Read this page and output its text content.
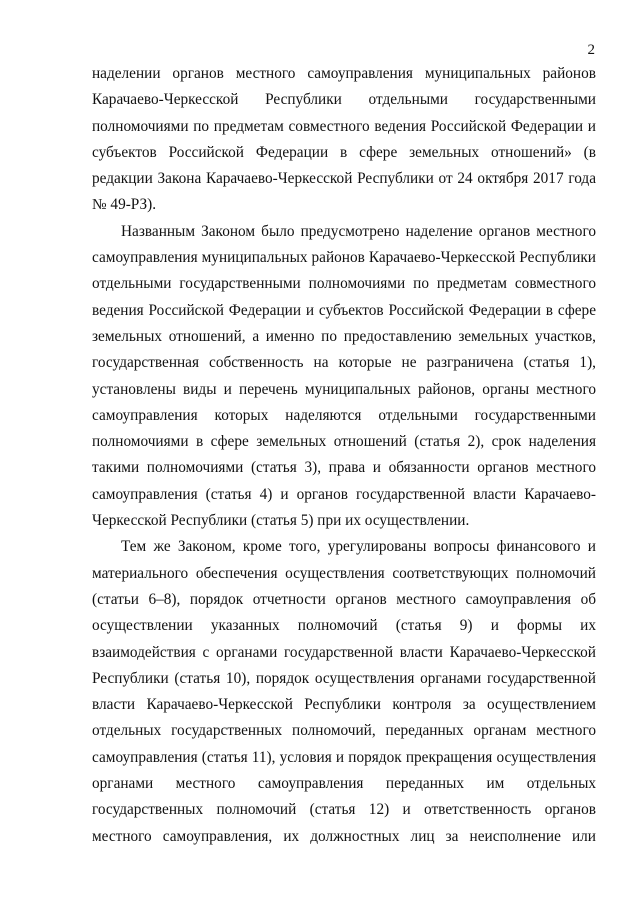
2

наделении органов местного самоуправления муниципальных районов
Карачаево-Черкесской Республики отдельными государственными
полномочиями по предметам совместного ведения Российской Федерации и
субъектов Российской Федерации в сфере земельных отношений» (в
редакции Закона Карачаево-Черкесской Республики от 24 октября 2017 года
№ 49-РЗ).

Названным Законом было предусмотрено наделение органов местного
самоуправления муниципальных районов Карачаево-Черкесской Республики
отдельными государственными полномочиями по предметам совместного
ведения Российской Федерации и субъектов Российской Федерации в сфере
земельных отношений, а именно по предоставлению земельных участков,
государственная собственность на которые не разграничена (статья 1),
установлены виды и перечень муниципальных районов, органы местного
самоуправления которых наделяются отдельными государственными
полномочиями в сфере земельных отношений (статья 2), срок наделения
такими полномочиями (статья 3), права и обязанности органов местного
самоуправления (статья 4) и органов государственной власти Карачаево-
Черкесской Республики (статья 5) при их осуществлении.

Тем же Законом, кроме того, урегулированы вопросы финансового и
материального обеспечения осуществления соответствующих полномочий
(статьи 6–8), порядок отчетности органов местного самоуправления об
осуществлении указанных полномочий (статья 9) и формы их
взаимодействия с органами государственной власти Карачаево-Черкесской
Республики (статья 10), порядок осуществления органами государственной
власти Карачаево-Черкесской Республики контроля за осуществлением
отдельных государственных полномочий, переданных органам местного
самоуправления (статья 11), условия и порядок прекращения осуществления
органами местного самоуправления переданных им отдельных
государственных полномочий (статья 12) и ответственность органов
местного самоуправления, их должностных лиц за неисполнение или
